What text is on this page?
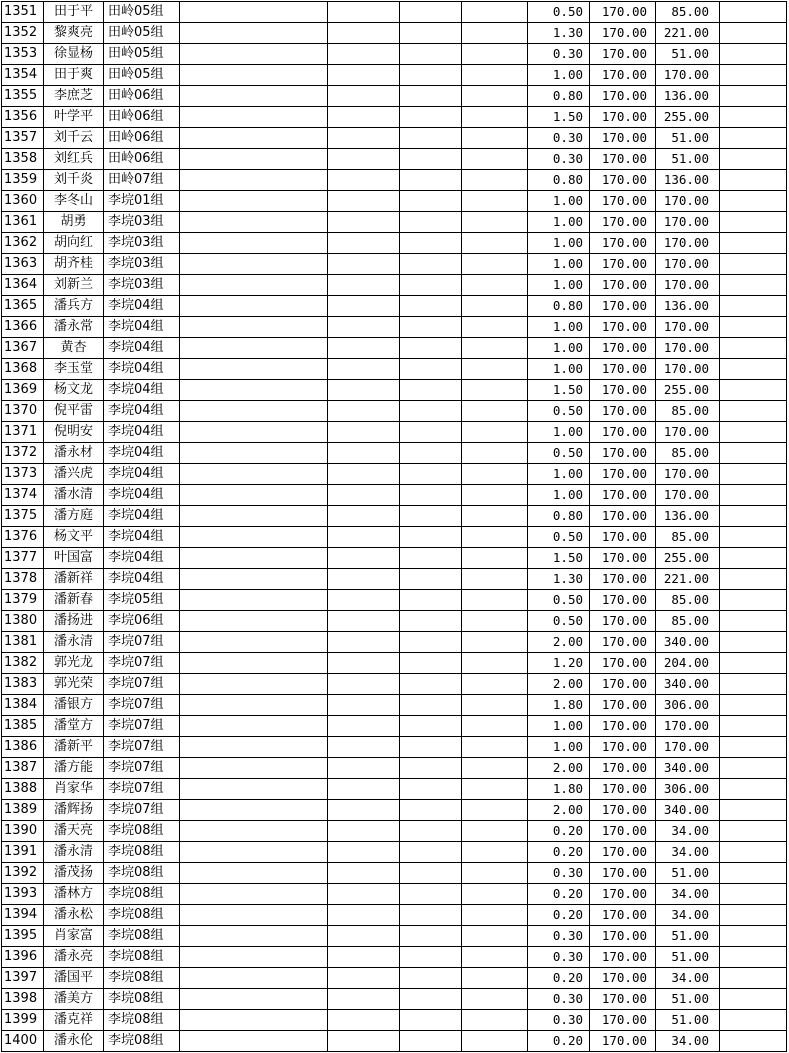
1351	田于平	田岭05组					0.50	170.00	85.00	
1352	黎爽亮	田岭05组					1.30	170.00	221.00	
1353	徐显杨	田岭05组					0.30	170.00	51.00	
1354	田于爽	田岭05组					1.00	170.00	170.00	
1355	李庶芝	田岭06组					0.80	170.00	136.00	
1356	叶学平	田岭06组					1.50	170.00	255.00	
1357	刘千云	田岭06组					0.30	170.00	51.00	
1358	刘红兵	田岭06组					0.30	170.00	51.00	
1359	刘千炎	田岭07组					0.80	170.00	136.00	
1360	李冬山	李垸01组					1.00	170.00	170.00	
1361	胡勇	李垸03组					1.00	170.00	170.00	
1362	胡向红	李垸03组					1.00	170.00	170.00	
1363	胡齐桂	李垸03组					1.00	170.00	170.00	
1364	刘新兰	李垸03组					1.00	170.00	170.00	
1365	潘兵方	李垸04组					0.80	170.00	136.00	
1366	潘永常	李垸04组					1.00	170.00	170.00	
1367	黄杏	李垸04组					1.00	170.00	170.00	
1368	李玉堂	李垸04组					1.00	170.00	170.00	
1369	杨文龙	李垸04组					1.50	170.00	255.00	
1370	倪平雷	李垸04组					0.50	170.00	85.00	
1371	倪明安	李垸04组					1.00	170.00	170.00	
1372	潘永材	李垸04组					0.50	170.00	85.00	
1373	潘兴虎	李垸04组					1.00	170.00	170.00	
1374	潘水清	李垸04组					1.00	170.00	170.00	
1375	潘方庭	李垸04组					0.80	170.00	136.00	
1376	杨文平	李垸04组					0.50	170.00	85.00	
1377	叶国富	李垸04组					1.50	170.00	255.00	
1378	潘新祥	李垸04组					1.30	170.00	221.00	
1379	潘新春	李垸05组					0.50	170.00	85.00	
1380	潘扬进	李垸06组					0.50	170.00	85.00	
1381	潘永清	李垸07组					2.00	170.00	340.00	
1382	郭光龙	李垸07组					1.20	170.00	204.00	
1383	郭光荣	李垸07组					2.00	170.00	340.00	
1384	潘银方	李垸07组					1.80	170.00	306.00	
1385	潘堂方	李垸07组					1.00	170.00	170.00	
1386	潘新平	李垸07组					1.00	170.00	170.00	
1387	潘方能	李垸07组					2.00	170.00	340.00	
1388	肖家华	李垸07组					1.80	170.00	306.00	
1389	潘辉扬	李垸07组					2.00	170.00	340.00	
1390	潘天亮	李垸08组					0.20	170.00	34.00	
1391	潘永清	李垸08组					0.20	170.00	34.00	
1392	潘茂扬	李垸08组					0.30	170.00	51.00	
1393	潘林方	李垸08组					0.20	170.00	34.00	
1394	潘永松	李垸08组					0.20	170.00	34.00	
1395	肖家富	李垸08组					0.30	170.00	51.00	
1396	潘永亮	李垸08组					0.30	170.00	51.00	
1397	潘国平	李垸08组					0.20	170.00	34.00	
1398	潘美方	李垸08组					0.30	170.00	51.00	
1399	潘克祥	李垸08组					0.30	170.00	51.00	
1400	潘永伦	李垸08组					0.20	170.00	34.00	
